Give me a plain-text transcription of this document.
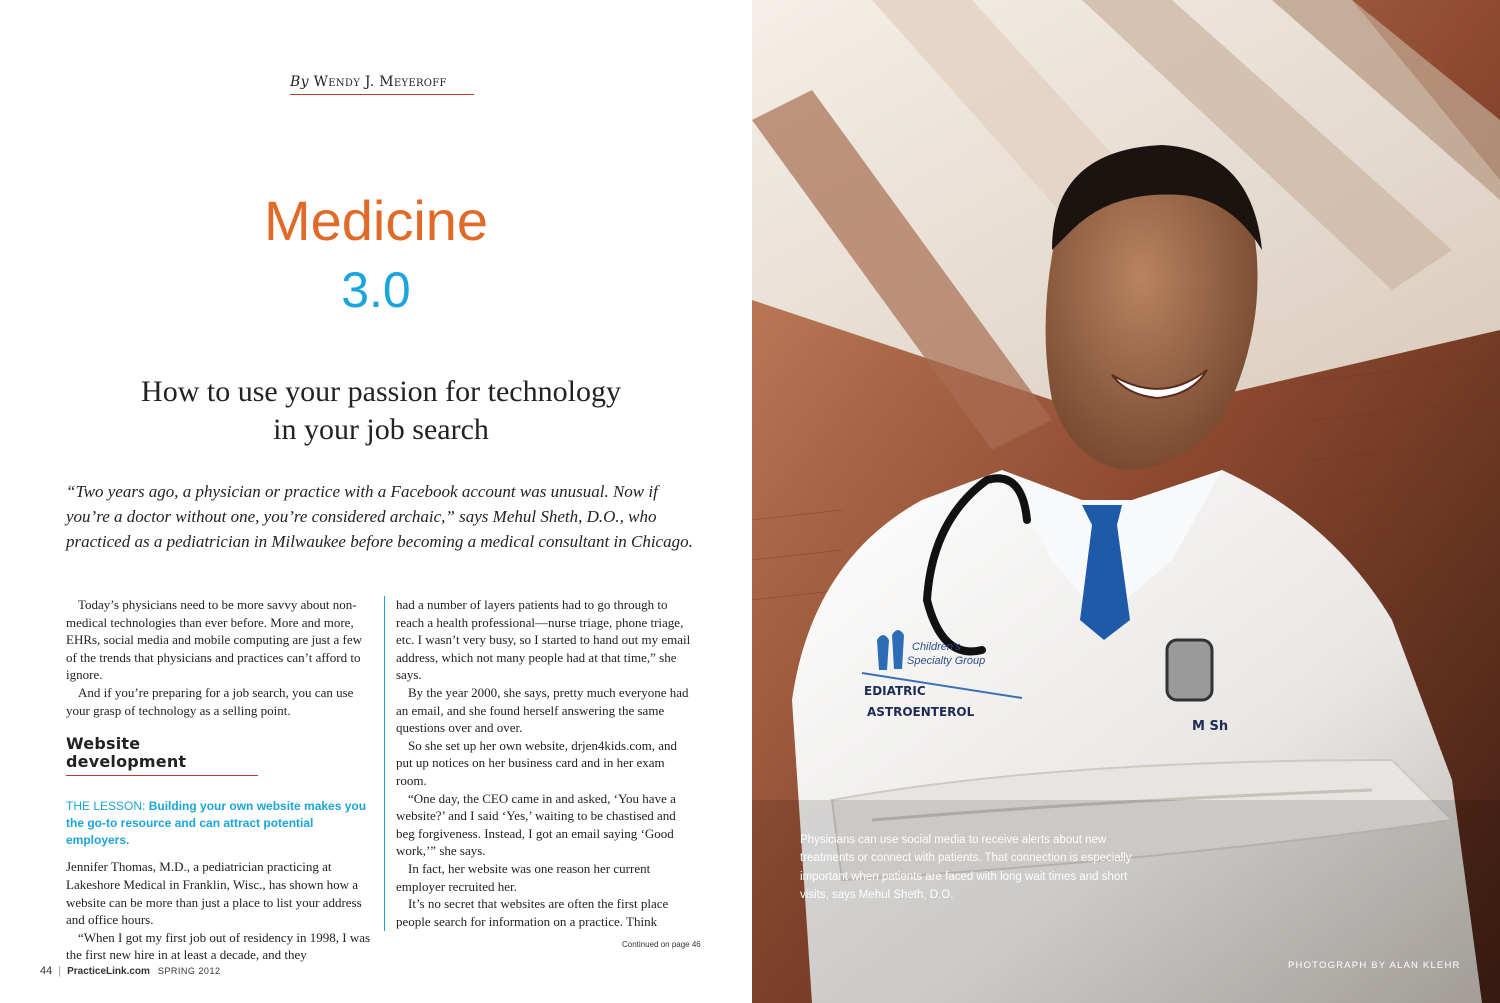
By Wendy J. Meyeroff
Medicine
3.0
How to use your passion for technology
in your job search
“Two years ago, a physician or practice with a Facebook account was unusual. Now if you’re a doctor without one, you’re considered archaic,” says Mehul Sheth, D.O., who practiced as a pediatrician in Milwaukee before becoming a medical consultant in Chicago.

Today’s physicians need to be more savvy about non-medical technologies than ever before. More and more, EHRs, social media and mobile computing are just a few of the trends that physicians and practices can’t afford to ignore.

And if you’re preparing for a job search, you can use your grasp of technology as a selling point.

Website development
THE LESSON: Building your own website makes you the go-to resource and can attract potential employers.

Jennifer Thomas, M.D., a pediatrician practicing at Lakeshore Medical in Franklin, Wisc., has shown how a website can be more than just a place to list your address and office hours.

“When I got my first job out of residency in 1998, I was the first new hire in at least a decade, and they

had a number of layers patients had to go through to reach a health professional—nurse triage, phone triage, etc. I wasn’t very busy, so I started to hand out my email address, which not many people had at that time,” she says.

By the year 2000, she says, pretty much everyone had an email, and she found herself answering the same questions over and over.

So she set up her own website, drjen4kids.com, and put up notices on her business card and in her exam room.

“One day, the CEO came in and asked, ‘You have a website?’ and I said ‘Yes,’ waiting to be chastised and beg forgiveness. Instead, I got an email saying ‘Good work,’” she says.

In fact, her website was one reason her current employer recruited her.

It’s no secret that websites are often the first place people search for information on a practice. Think

Continued on page 46
44 | PracticeLink.com SPRING 2012
Children's
Specialty Group
EDIATRIC
ASTROENTEROL
M Sh
Physicians can use social media to receive alerts about new treatments or connect with patients. That connection is especially important when patients are faced with long wait times and short visits, says Mehul Sheth, D.O.
PHOTOGRAPH BY ALAN KLEHR
